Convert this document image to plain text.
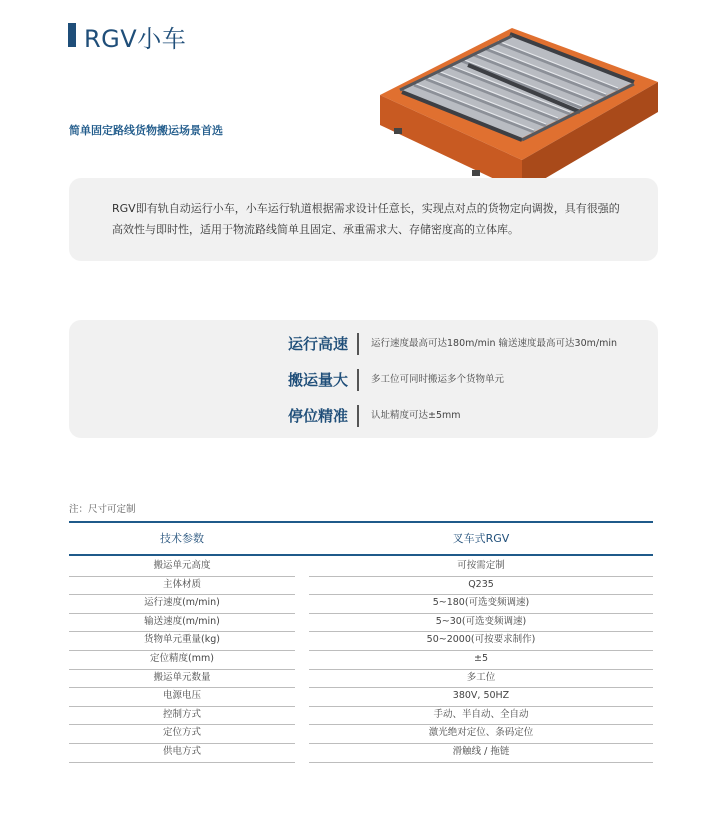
RGV小车
简单固定路线货物搬运场景首选
RGV即有轨自动运行小车，小车运行轨道根据需求设计任意长，实现点对点的货物定向调拨，具有很强的高效性与即时性，适用于物流路线简单且固定、承重需求大、存储密度高的立体库。
运行高速 运行速度最高可达180m/min 输送速度最高可达30m/min
搬运量大 多工位可同时搬运多个货物单元
停位精准 认址精度可达±5mm
注：尺寸可定制
技术参数	叉车式RGV
搬运单元高度	可按需定制
主体材质	Q235
运行速度(m/min)	5~180(可选变频调速)
输送速度(m/min)	5~30(可选变频调速)
货物单元重量(kg)	50~2000(可按要求制作)
定位精度(mm)	±5
搬运单元数量	多工位
电源电压	380V, 50HZ
控制方式	手动、半自动、全自动
定位方式	激光绝对定位、条码定位
供电方式	滑触线 / 拖链
